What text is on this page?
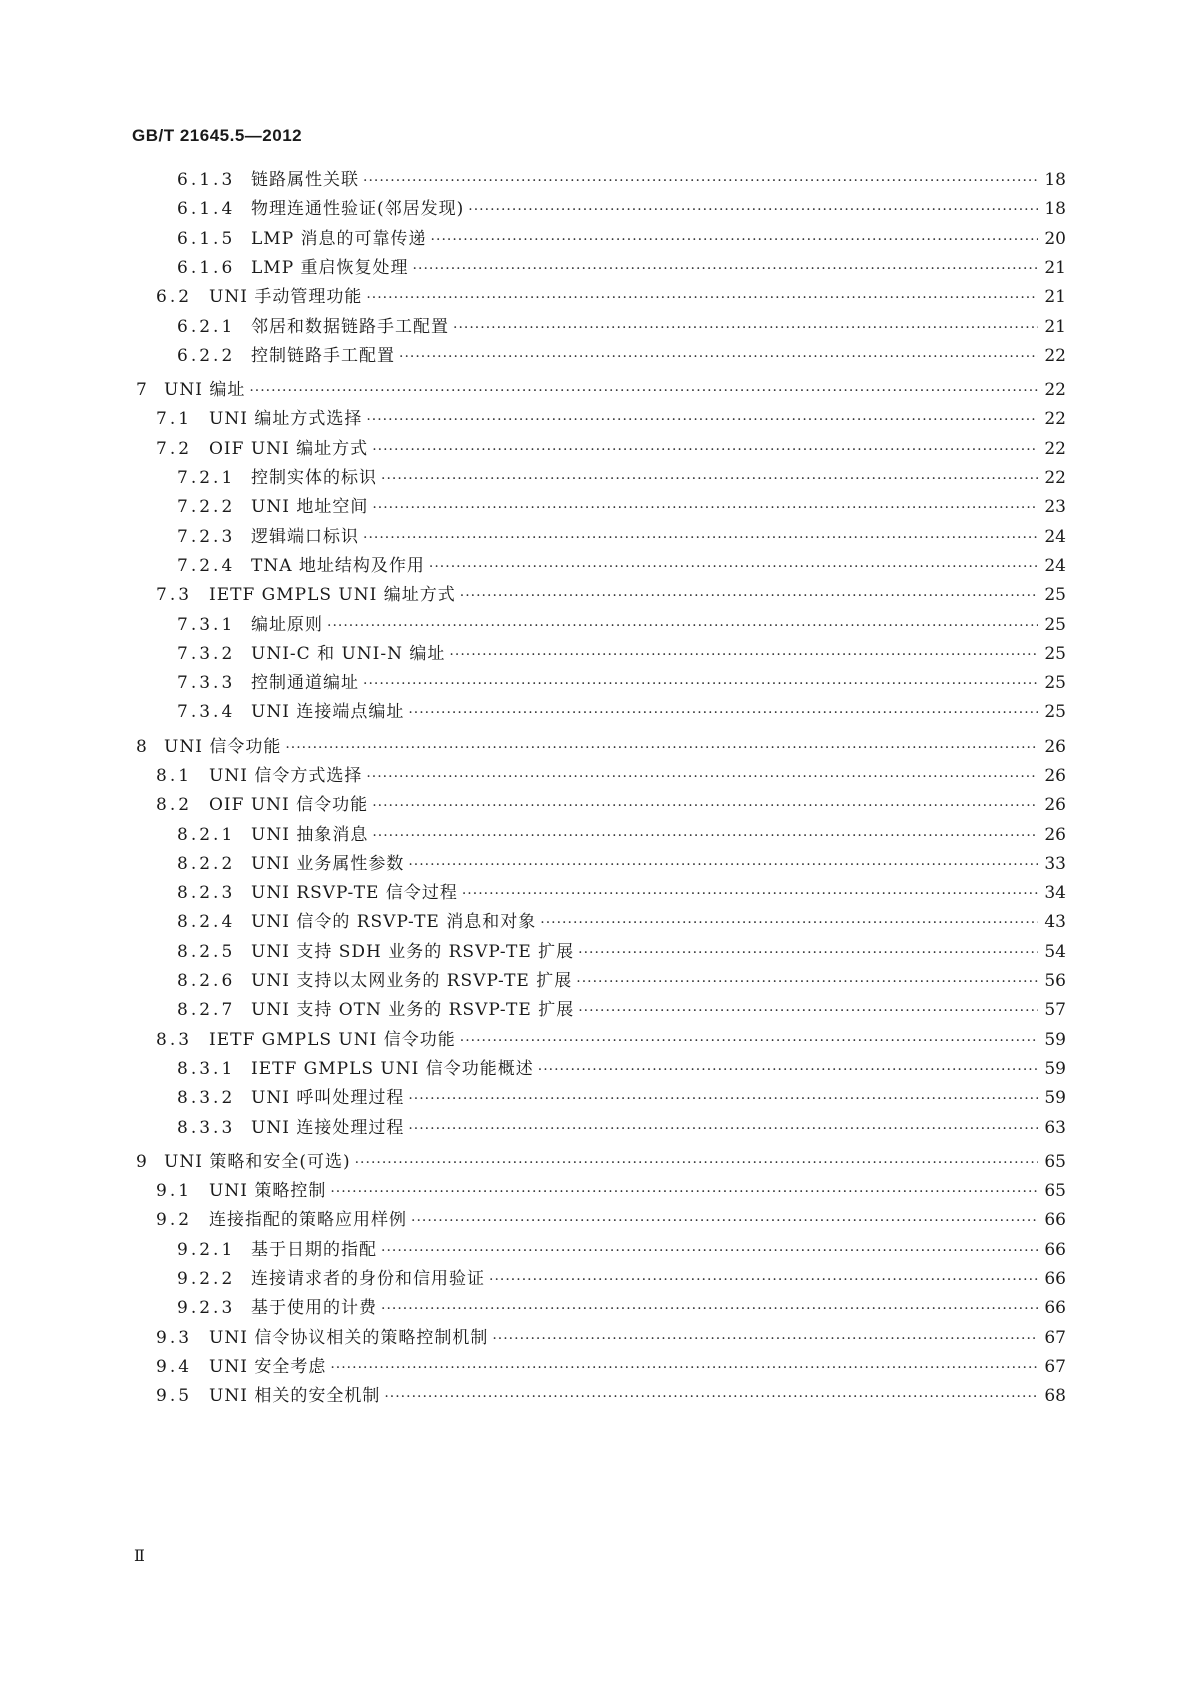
GB/T 21645.5—2012
6.1.3 链路属性关联 ·····	18
6.1.4 物理连通性验证(邻居发现) ·····	18
6.1.5 LMP 消息的可靠传递 ·····	20
6.1.6 LMP 重启恢复处理 ·····	21
6.2 UNI 手动管理功能 ·····	21
6.2.1 邻居和数据链路手工配置 ·····	21
6.2.2 控制链路手工配置 ·····	22
7 UNI 编址 ·····	22
7.1 UNI 编址方式选择 ·····	22
7.2 OIF UNI 编址方式 ·····	22
7.2.1 控制实体的标识 ·····	22
7.2.2 UNI 地址空间 ·····	23
7.2.3 逻辑端口标识 ·····	24
7.2.4 TNA 地址结构及作用 ·····	24
7.3 IETF GMPLS UNI 编址方式 ·····	25
7.3.1 编址原则 ·····	25
7.3.2 UNI-C 和 UNI-N 编址 ·····	25
7.3.3 控制通道编址 ·····	25
7.3.4 UNI 连接端点编址 ·····	25
8 UNI 信令功能 ·····	26
8.1 UNI 信令方式选择 ·····	26
8.2 OIF UNI 信令功能 ·····	26
8.2.1 UNI 抽象消息 ·····	26
8.2.2 UNI 业务属性参数 ·····	33
8.2.3 UNI RSVP-TE 信令过程 ·····	34
8.2.4 UNI 信令的 RSVP-TE 消息和对象 ·····	43
8.2.5 UNI 支持 SDH 业务的 RSVP-TE 扩展 ·····	54
8.2.6 UNI 支持以太网业务的 RSVP-TE 扩展 ·····	56
8.2.7 UNI 支持 OTN 业务的 RSVP-TE 扩展 ·····	57
8.3 IETF GMPLS UNI 信令功能 ·····	59
8.3.1 IETF GMPLS UNI 信令功能概述 ·····	59
8.3.2 UNI 呼叫处理过程 ·····	59
8.3.3 UNI 连接处理过程 ·····	63
9 UNI 策略和安全(可选) ·····	65
9.1 UNI 策略控制 ·····	65
9.2 连接指配的策略应用样例 ·····	66
9.2.1 基于日期的指配 ·····	66
9.2.2 连接请求者的身份和信用验证 ·····	66
9.2.3 基于使用的计费 ·····	66
9.3 UNI 信令协议相关的策略控制机制 ·····	67
9.4 UNI 安全考虑 ·····	67
9.5 UNI 相关的安全机制 ·····	68
Ⅱ
